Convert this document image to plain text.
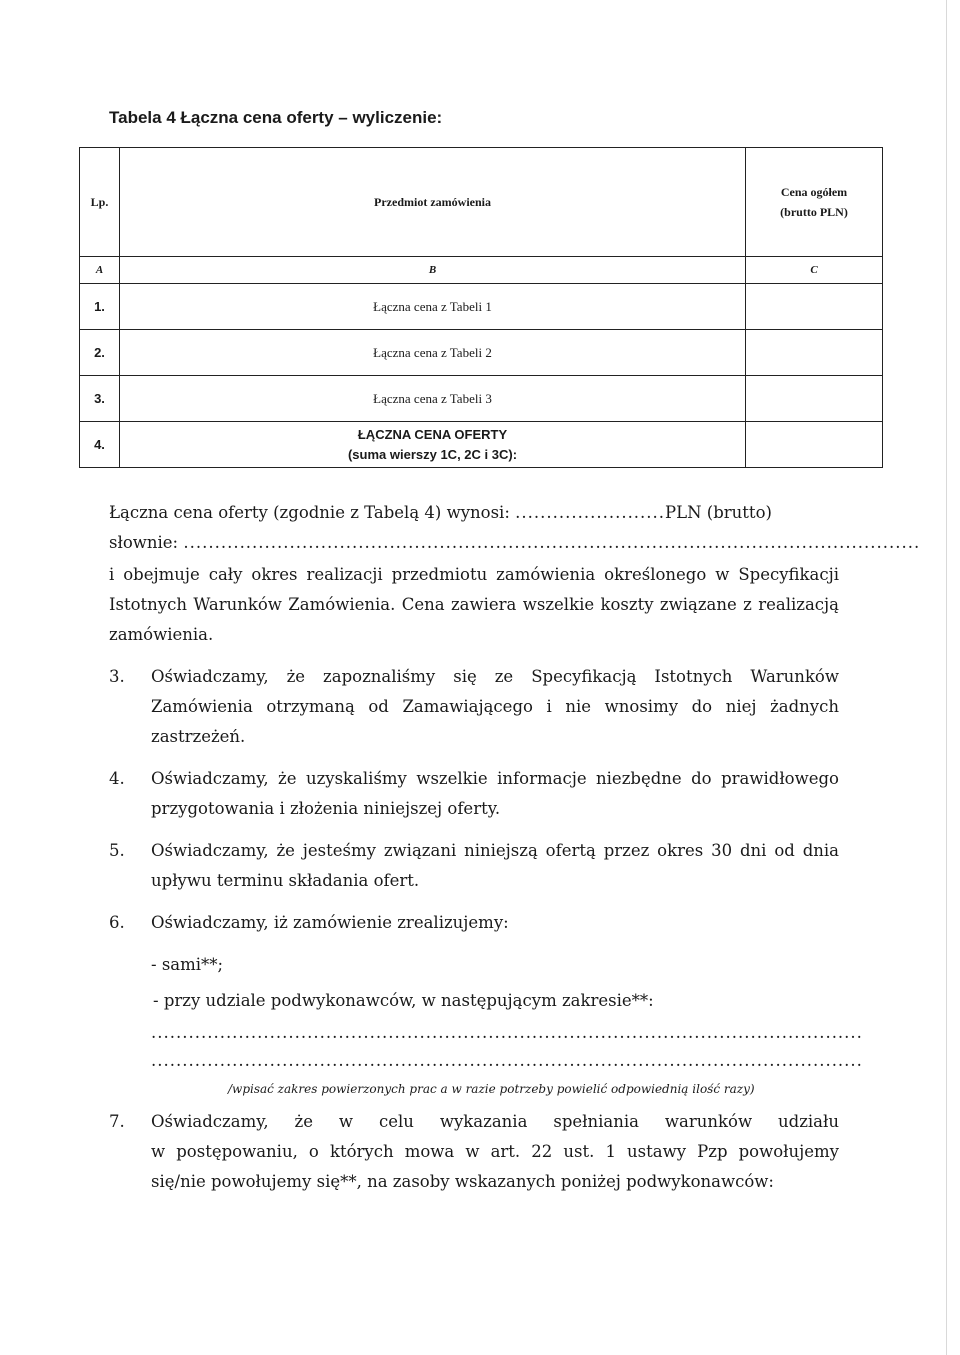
Tabela 4 Łączna cena oferty – wyliczenie:
Lp.	Przedmiot zamówienia	Cena ogółem
(brutto PLN)

A	B	C
1.	Łączna cena z Tabeli 1	
2.	Łączna cena z Tabeli 2	
3.	Łączna cena z Tabeli 3	
4.	ŁĄCZNA CENA OFERTY
(suma wierszy 1C, 2C i 3C):	

Łączna cena oferty (zgodnie z Tabelą 4) wynosi: ........................PLN (brutto)
słownie: ......................................................................................................................
i obejmuje cały okres realizacji przedmiotu zamówienia określonego w Specyfikacji
Istotnych Warunków Zamówienia. Cena zawiera wszelkie koszty związane z realizacją
zamówienia.
3. Oświadczamy, że zapoznaliśmy się ze Specyfikacją Istotnych Warunków
Zamówienia otrzymaną od Zamawiającego i nie wnosimy do niej żadnych
zastrzeżeń.
4. Oświadczamy, że uzyskaliśmy wszelkie informacje niezbędne do prawidłowego
przygotowania i złożenia niniejszej oferty.
5. Oświadczamy, że jesteśmy związani niniejszą ofertą przez okres 30 dni od dnia
upływu terminu składania ofert.
6. Oświadczamy, iż zamówienie zrealizujemy:
- sami**;
- przy udziale podwykonawców, w następującym zakresie**:
..................................................................................................................
..................................................................................................................
/wpisać zakres powierzonych prac a w razie potrzeby powielić odpowiednią ilość razy)
7. Oświadczamy, że w celu wykazania spełniania warunków udziału
w postępowaniu, o których mowa w art. 22 ust. 1 ustawy Pzp powołujemy
się/nie powołujemy się**, na zasoby wskazanych poniżej podwykonawców:
